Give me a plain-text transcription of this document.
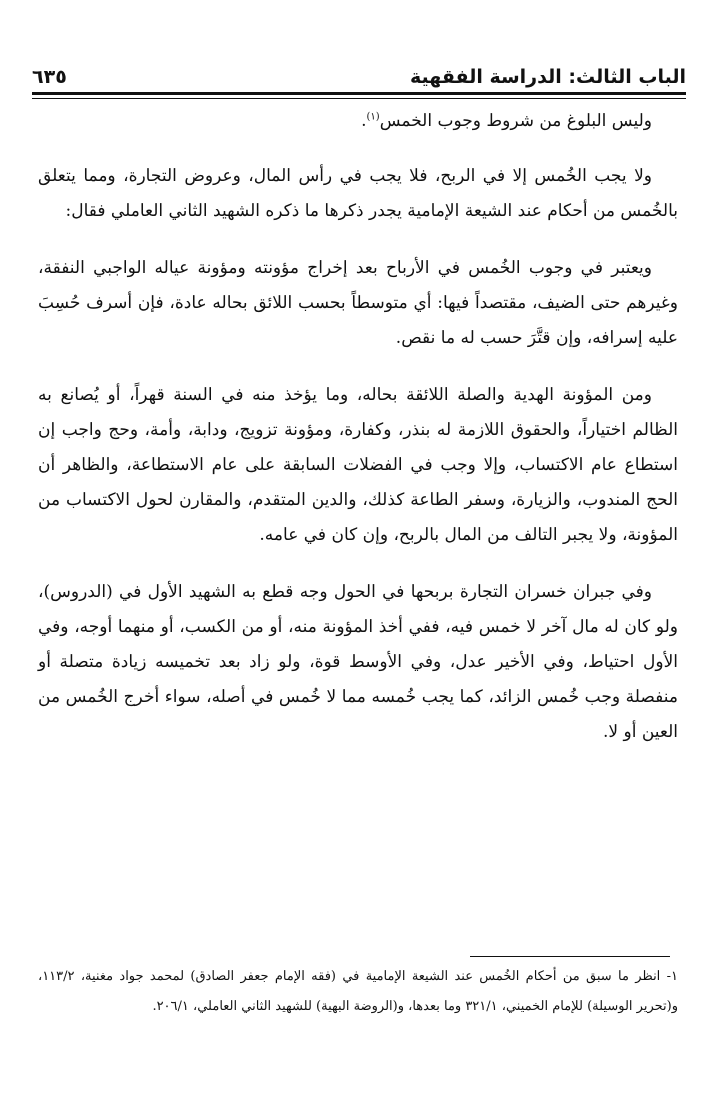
الباب الثالث: الدراسة الفقهية
٦٣٥

وليس البلوغ من شروط وجوب الخمس$^{(١)}$.

ولا يجب الخُمس إلا في الربح، فلا يجب في رأس المال، وعروض التجارة، ومما يتعلق بالخُمس من أحكام عند الشيعة الإمامية يجدر ذكرها ما ذكره الشهيد الثاني العاملي فقال:

ويعتبر في وجوب الخُمس في الأرباح بعد إخراج مؤونته ومؤونة عياله الواجبي النفقة، وغيرهم حتى الضيف، مقتصداً فيها: أي متوسطاً بحسب اللائق بحاله عادة، فإن أسرف حُسِبَ عليه إسرافه، وإن قتَّرَ حسب له ما نقص.

ومن المؤونة الهدية والصلة اللائقة بحاله، وما يؤخذ منه في السنة قهراً، أو يُصانع به الظالم اختياراً، والحقوق اللازمة له بنذر، وكفارة، ومؤونة تزويج، ودابة، وأمة، وحج واجب إن استطاع عام الاكتساب، وإلا وجب في الفضلات السابقة على عام الاستطاعة، والظاهر أن الحج المندوب، والزيارة، وسفر الطاعة كذلك، والدين المتقدم، والمقارن لحول الاكتساب من المؤونة، ولا يجبر التالف من المال بالربح، وإن كان في عامه.

وفي جبران خسران التجارة بربحها في الحول وجه قطع به الشهيد الأول في (الدروس)، ولو كان له مال آخر لا خمس فيه، ففي أخذ المؤونة منه، أو من الكسب، أو منهما أوجه، وفي الأول احتياط، وفي الأخير عدل، وفي الأوسط قوة، ولو زاد بعد تخميسه زيادة متصلة أو منفصلة وجب خُمس الزائد، كما يجب خُمسه مما لا خُمس في أصله، سواء أخرج الخُمس من العين أو لا.

١- انظر ما سبق من أحكام الخُمس عند الشيعة الإمامية في (فقه الإمام جعفر الصادق) لمحمد جواد مغنية، ١١٣/٢، و(تحرير الوسيلة) للإمام الخميني، ٣٢١/١ وما بعدها، و(الروضة البهية) للشهيد الثاني العاملي، ٢٠٦/١.
